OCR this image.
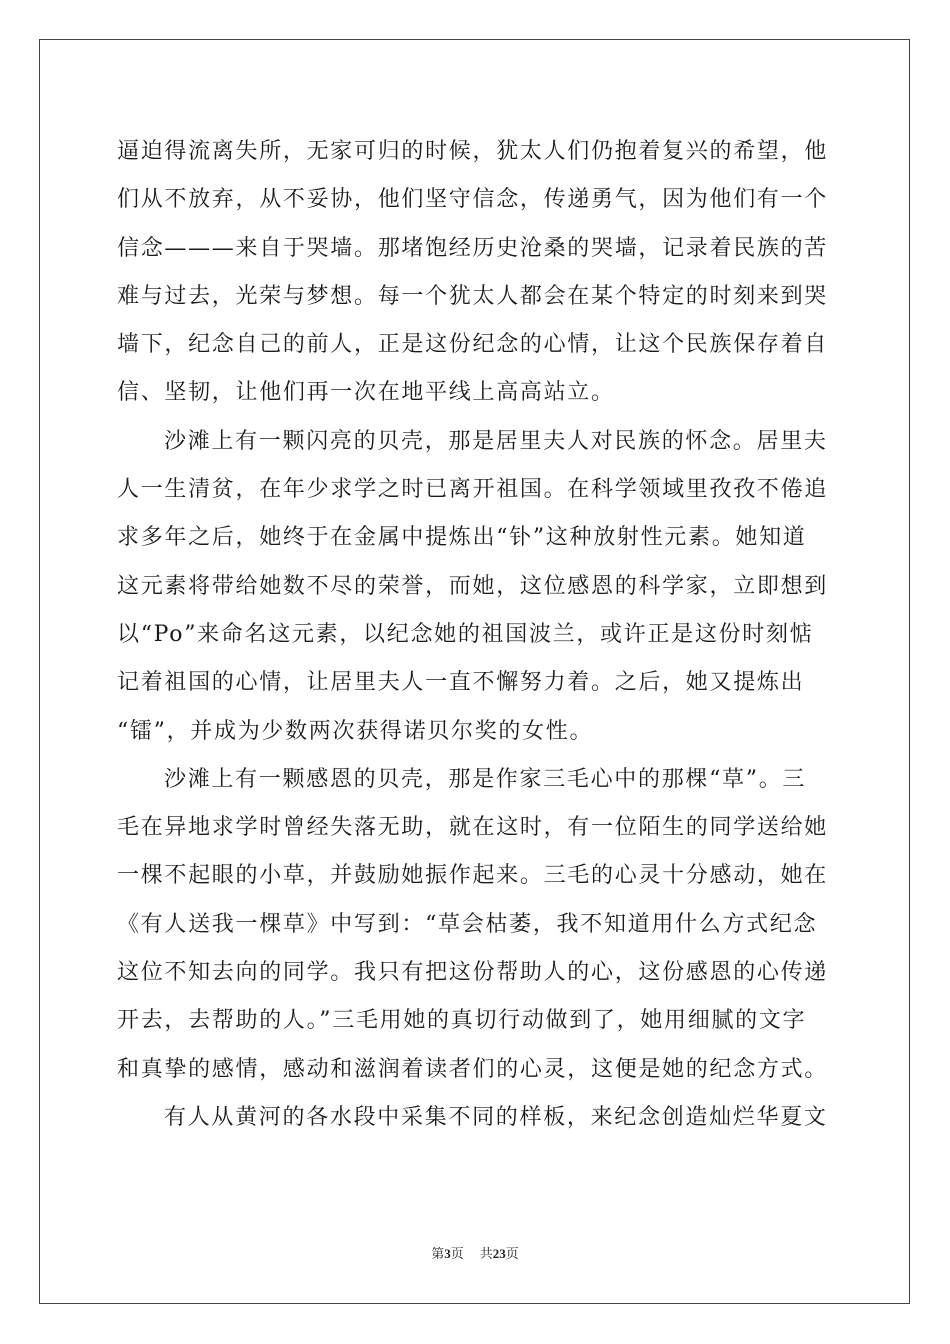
逼迫得流离失所，无家可归的时候，犹太人们仍抱着复兴的希望，他
们从不放弃，从不妥协，他们坚守信念，传递勇气，因为他们有一个
信念———来自于哭墙。那堵饱经历史沧桑的哭墙，记录着民族的苦
难与过去，光荣与梦想。每一个犹太人都会在某个特定的时刻来到哭
墙下，纪念自己的前人，正是这份纪念的心情，让这个民族保存着自
信、坚韧，让他们再一次在地平线上高高站立。
沙滩上有一颗闪亮的贝壳，那是居里夫人对民族的怀念。居里夫
人一生清贫，在年少求学之时已离开祖国。在科学领域里孜孜不倦追
求多年之后，她终于在金属中提炼出“钋”这种放射性元素。她知道
这元素将带给她数不尽的荣誉，而她，这位感恩的科学家，立即想到
以“Po”来命名这元素，以纪念她的祖国波兰，或许正是这份时刻惦
记着祖国的心情，让居里夫人一直不懈努力着。之后，她又提炼出
“镭”，并成为少数两次获得诺贝尔奖的女性。
沙滩上有一颗感恩的贝壳，那是作家三毛心中的那棵“草”。三
毛在异地求学时曾经失落无助，就在这时，有一位陌生的同学送给她
一棵不起眼的小草，并鼓励她振作起来。三毛的心灵十分感动，她在
《有人送我一棵草》中写到：“草会枯萎，我不知道用什么方式纪念
这位不知去向的同学。我只有把这份帮助人的心，这份感恩的心传递
开去，去帮助的人。”三毛用她的真切行动做到了，她用细腻的文字
和真挚的感情，感动和滋润着读者们的心灵，这便是她的纪念方式。
有人从黄河的各水段中采集不同的样板，来纪念创造灿烂华夏文
第3页 共23页
